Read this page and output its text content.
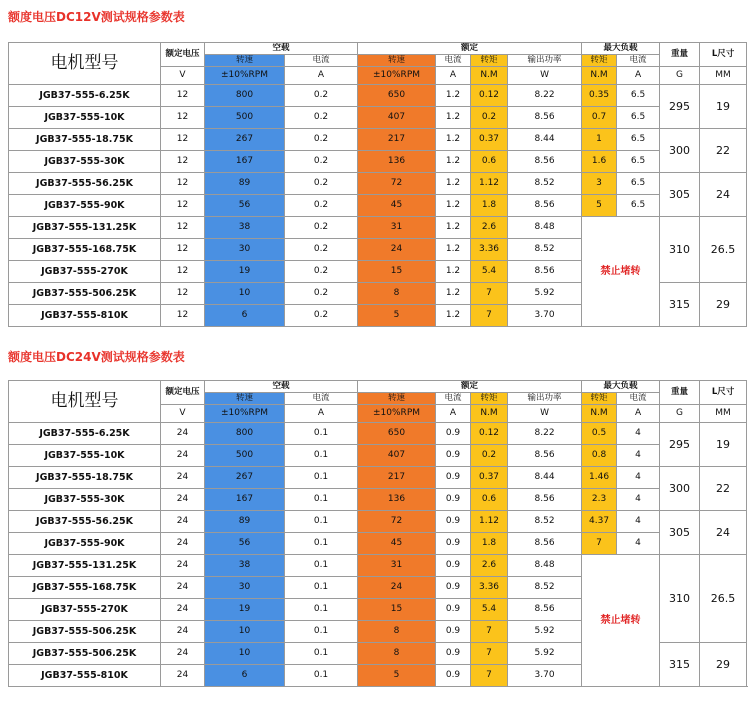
额度电压DC12V测试规格参数表
电机型号	额定电压	空载		额定				最大负载		重量	L尺寸
		转速	电流	转速	电流	转矩	输出功率	转矩	电流		
	V	±10%RPM	A	±10%RPM	A	N.M	W	N.M	A	G	MM
JGB37-555-6.25K	12	800	0.2	650	1.2	0.12	8.22	0.35	6.5	295	19
JGB37-555-10K	12	500	0.2	407	1.2	0.2	8.56	0.7	6.5		
JGB37-555-18.75K	12	267	0.2	217	1.2	0.37	8.44	1	6.5	300	22
JGB37-555-30K	12	167	0.2	136	1.2	0.6	8.56	1.6	6.5		
JGB37-555-56.25K	12	89	0.2	72	1.2	1.12	8.52	3	6.5	305	24
JGB37-555-90K	12	56	0.2	45	1.2	1.8	8.56	5	6.5		
JGB37-555-131.25K	12	38	0.2	31	1.2	2.6	8.48	禁止堵转		310	26.5
JGB37-555-168.75K	12	30	0.2	24	1.2	3.36	8.52				
JGB37-555-270K	12	19	0.2	15	1.2	5.4	8.56				
JGB37-555-506.25K	12	10	0.2	8	1.2	7	5.92			315	29
JGB37-555-810K	12	6	0.2	5	1.2	7	3.70				
额度电压DC24V测试规格参数表
电机型号	额定电压	空载		额定				最大负载		重量	L尺寸	
		转速	电流	转速	电流	转矩	输出功率	转矩	电流			
	V	±10%RPM	A	±10%RPM	A	N.M	W	N.M	A	G	MM	
JGB37-555-6.25K	24	800	0.1	650	0.9	0.12	8.22	0.5	4	295	19	
JGB37-555-10K	24	500	0.1	407	0.9	0.2	8.56	0.8	4			
JGB37-555-18.75K	24	267	0.1	217	0.9	0.37	8.44	1.46	4	300	22	
JGB37-555-30K	24	167	0.1	136	0.9	0.6	8.56	2.3	4			
JGB37-555-56.25K	24	89	0.1	72	0.9	1.12	8.52	4.37	4	305	24	
JGB37-555-90K	24	56	0.1	45	0.9	1.8	8.56	7	4			
JGB37-555-131.25K	24	38	0.1	31	0.9	2.6	8.48	禁止堵转		310	26.5	
JGB37-555-168.75K	24	30	0.1	24	0.9	3.36	8.52					
JGB37-555-270K	24	19	0.1	15	0.9	5.4	8.56					
JGB37-555-506.25K	24	10	0.1	8	0.9	7	5.92					
JGB37-555-506.25K	24	10	0.1	8	0.9	7	5.92			315	29	
JGB37-555-810K	24	6	0.1	5	0.9	7	3.70					
